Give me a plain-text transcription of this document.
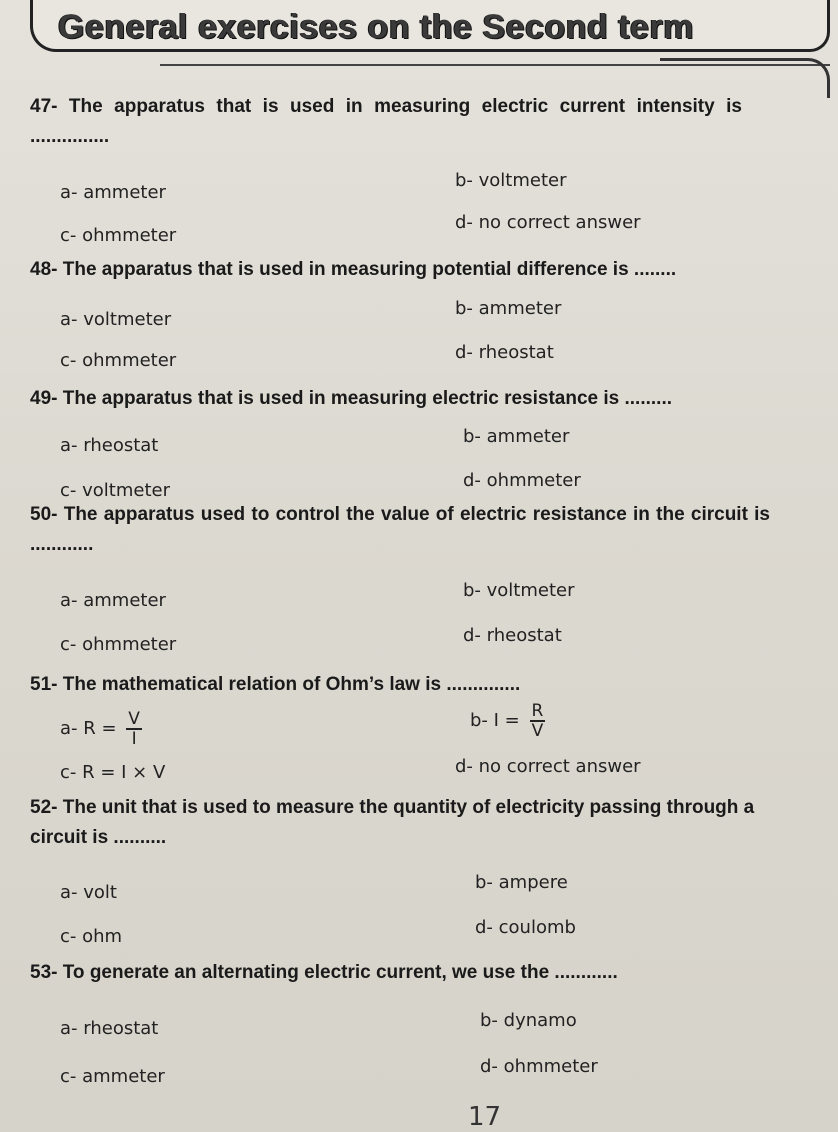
General exercises on the Second term
47- The apparatus that is used in measuring electric current intensity is ...............
a- ammeter
b- voltmeter
c- ohmmeter
d- no correct answer
48- The apparatus that is used in measuring potential difference is ........
a- voltmeter
b- ammeter
c- ohmmeter	d- rheostat
49- The apparatus that is used in measuring electric resistance is .........
a- rheostat	b- ammeter
c- voltmeter	d- ohmmeter
50- The apparatus used to control the value of electric resistance in the circuit is ............
a- ammeter	b- voltmeter
c- ohmmeter	d- rheostat
51- The mathematical relation of Ohm’s law is ..............
a- $R = \frac{V}{I}$	b- $I = \frac{R}{V}$
c- R = I × V	d- no correct answer
52- The unit that is used to measure the quantity of electricity passing through a circuit is ..........
a- volt	b- ampere
c- ohm	d- coulomb
53- To generate an alternating electric current, we use the ............
a- rheostat	b- dynamo
c- ammeter	d- ohmmeter
17
